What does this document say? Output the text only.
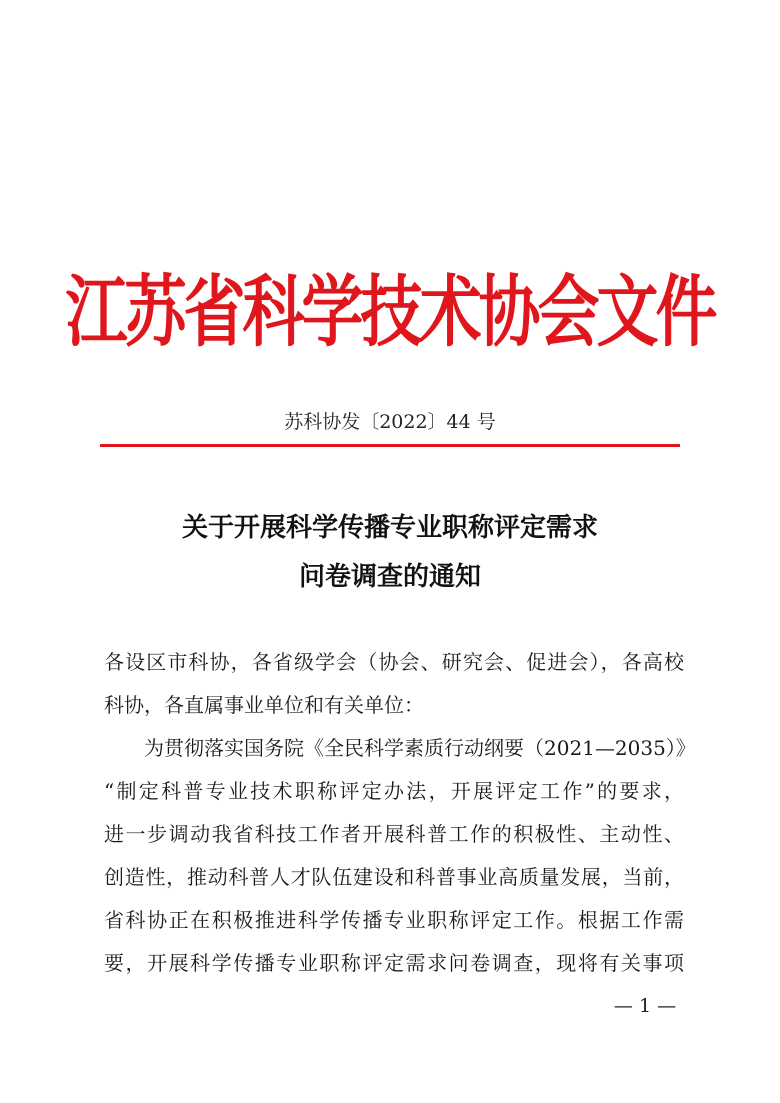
江苏省科学技术协会文件
苏科协发〔2022〕44 号
关于开展科学传播专业职称评定需求
问卷调查的通知
各设区市科协，各省级学会（协会、研究会、促进会），各高校
科协，各直属事业单位和有关单位：
为贯彻落实国务院《全民科学素质行动纲要（2021—2035）》
“制定科普专业技术职称评定办法，开展评定工作”的要求，
进一步调动我省科技工作者开展科普工作的积极性、主动性、
创造性，推动科普人才队伍建设和科普事业高质量发展，当前，
省科协正在积极推进科学传播专业职称评定工作。根据工作需
要，开展科学传播专业职称评定需求问卷调查，现将有关事项
— 1 —
